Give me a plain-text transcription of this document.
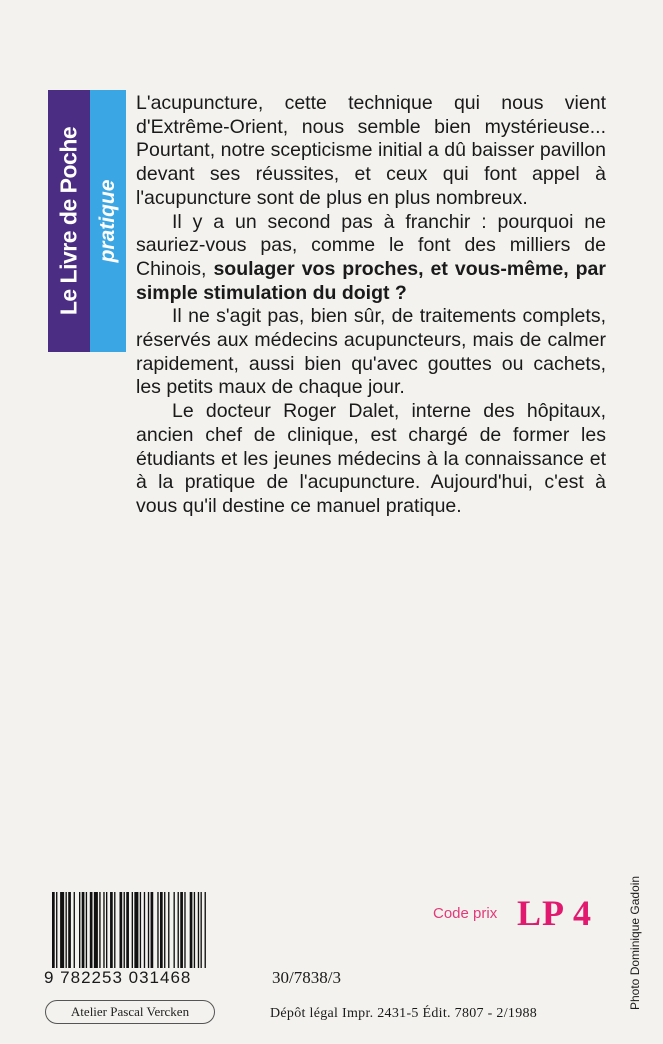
Le Livre de Poche pratique

L'acupuncture, cette technique qui nous vient d'Extrême-Orient, nous semble bien mystérieuse... Pourtant, notre scepticisme initial a dû baisser pavillon devant ses réussites, et ceux qui font appel à l'acupuncture sont de plus en plus nombreux.

Il y a un second pas à franchir : pourquoi ne sauriez-vous pas, comme le font des milliers de Chinois, soulager vos proches, et vous-même, par simple stimulation du doigt ?

Il ne s'agit pas, bien sûr, de traitements complets, réservés aux médecins acupuncteurs, mais de calmer rapidement, aussi bien qu'avec gouttes ou cachets, les petits maux de chaque jour.

Le docteur Roger Dalet, interne des hôpitaux, ancien chef de clinique, est chargé de former les étudiants et les jeunes médecins à la connaissance et à la pratique de l'acupuncture. Aujourd'hui, c'est à vous qu'il destine ce manuel pratique.

9 782253 031468	30/7838/3
Code prix LP 4
Atelier Pascal Vercken	Dépôt légal Impr. 2431-5 Édit. 7807 - 2/1988
Photo Dominique Gadoin
